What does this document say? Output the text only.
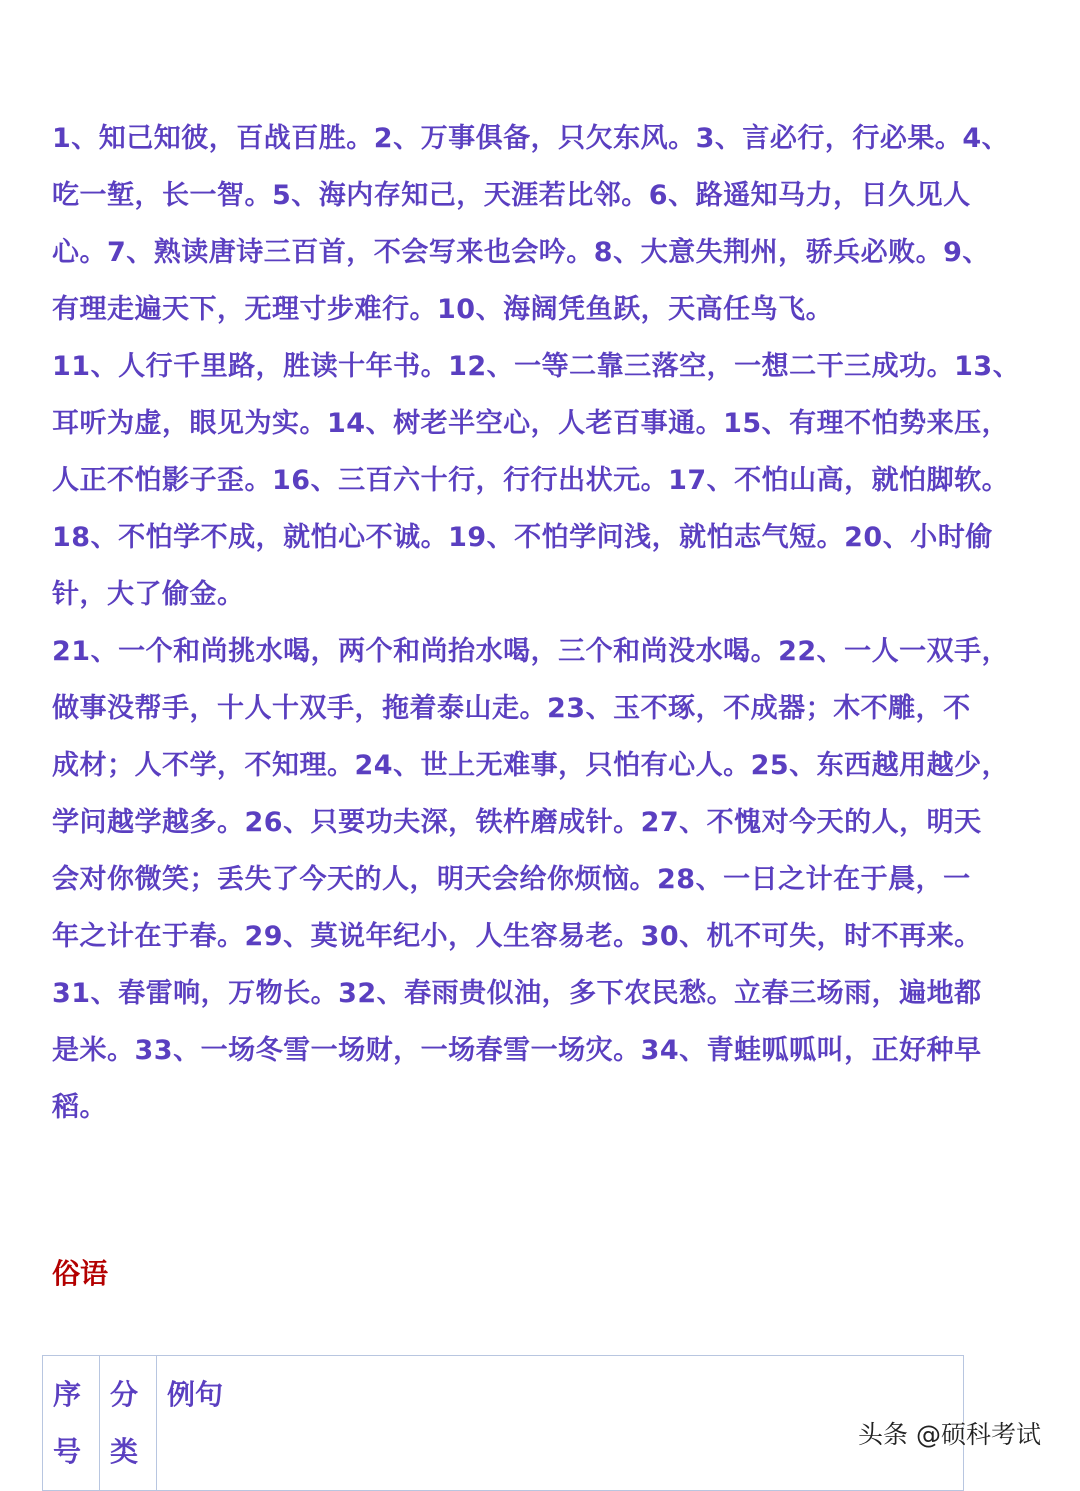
1、知己知彼，百战百胜。2、万事俱备，只欠东风。3、言必行，行必果。4、
吃一堑，长一智。5、海内存知己，天涯若比邻。6、路遥知马力，日久见人
心。7、熟读唐诗三百首，不会写来也会吟。8、大意失荆州，骄兵必败。9、
有理走遍天下，无理寸步难行。10、海阔凭鱼跃，天高任鸟飞。
11、人行千里路，胜读十年书。12、一等二靠三落空，一想二干三成功。13、
耳听为虚，眼见为实。14、树老半空心，人老百事通。15、有理不怕势来压，
人正不怕影子歪。16、三百六十行，行行出状元。17、不怕山高，就怕脚软。
18、不怕学不成，就怕心不诚。19、不怕学问浅，就怕志气短。20、小时偷
针，大了偷金。
21、一个和尚挑水喝，两个和尚抬水喝，三个和尚没水喝。22、一人一双手，
做事没帮手，十人十双手，拖着泰山走。23、玉不琢，不成器；木不雕，不
成材；人不学，不知理。24、世上无难事，只怕有心人。25、东西越用越少，
学问越学越多。26、只要功夫深，铁杵磨成针。27、不愧对今天的人，明天
会对你微笑；丢失了今天的人，明天会给你烦恼。28、一日之计在于晨，一
年之计在于春。29、莫说年纪小，人生容易老。30、机不可失，时不再来。
31、春雷响，万物长。32、春雨贵似油，多下农民愁。立春三场雨，遍地都
是米。33、一场冬雪一场财，一场春雪一场灾。34、青蛙呱呱叫，正好种早
稻。
俗语
序号	分类	例句
头条 @硕科考试
